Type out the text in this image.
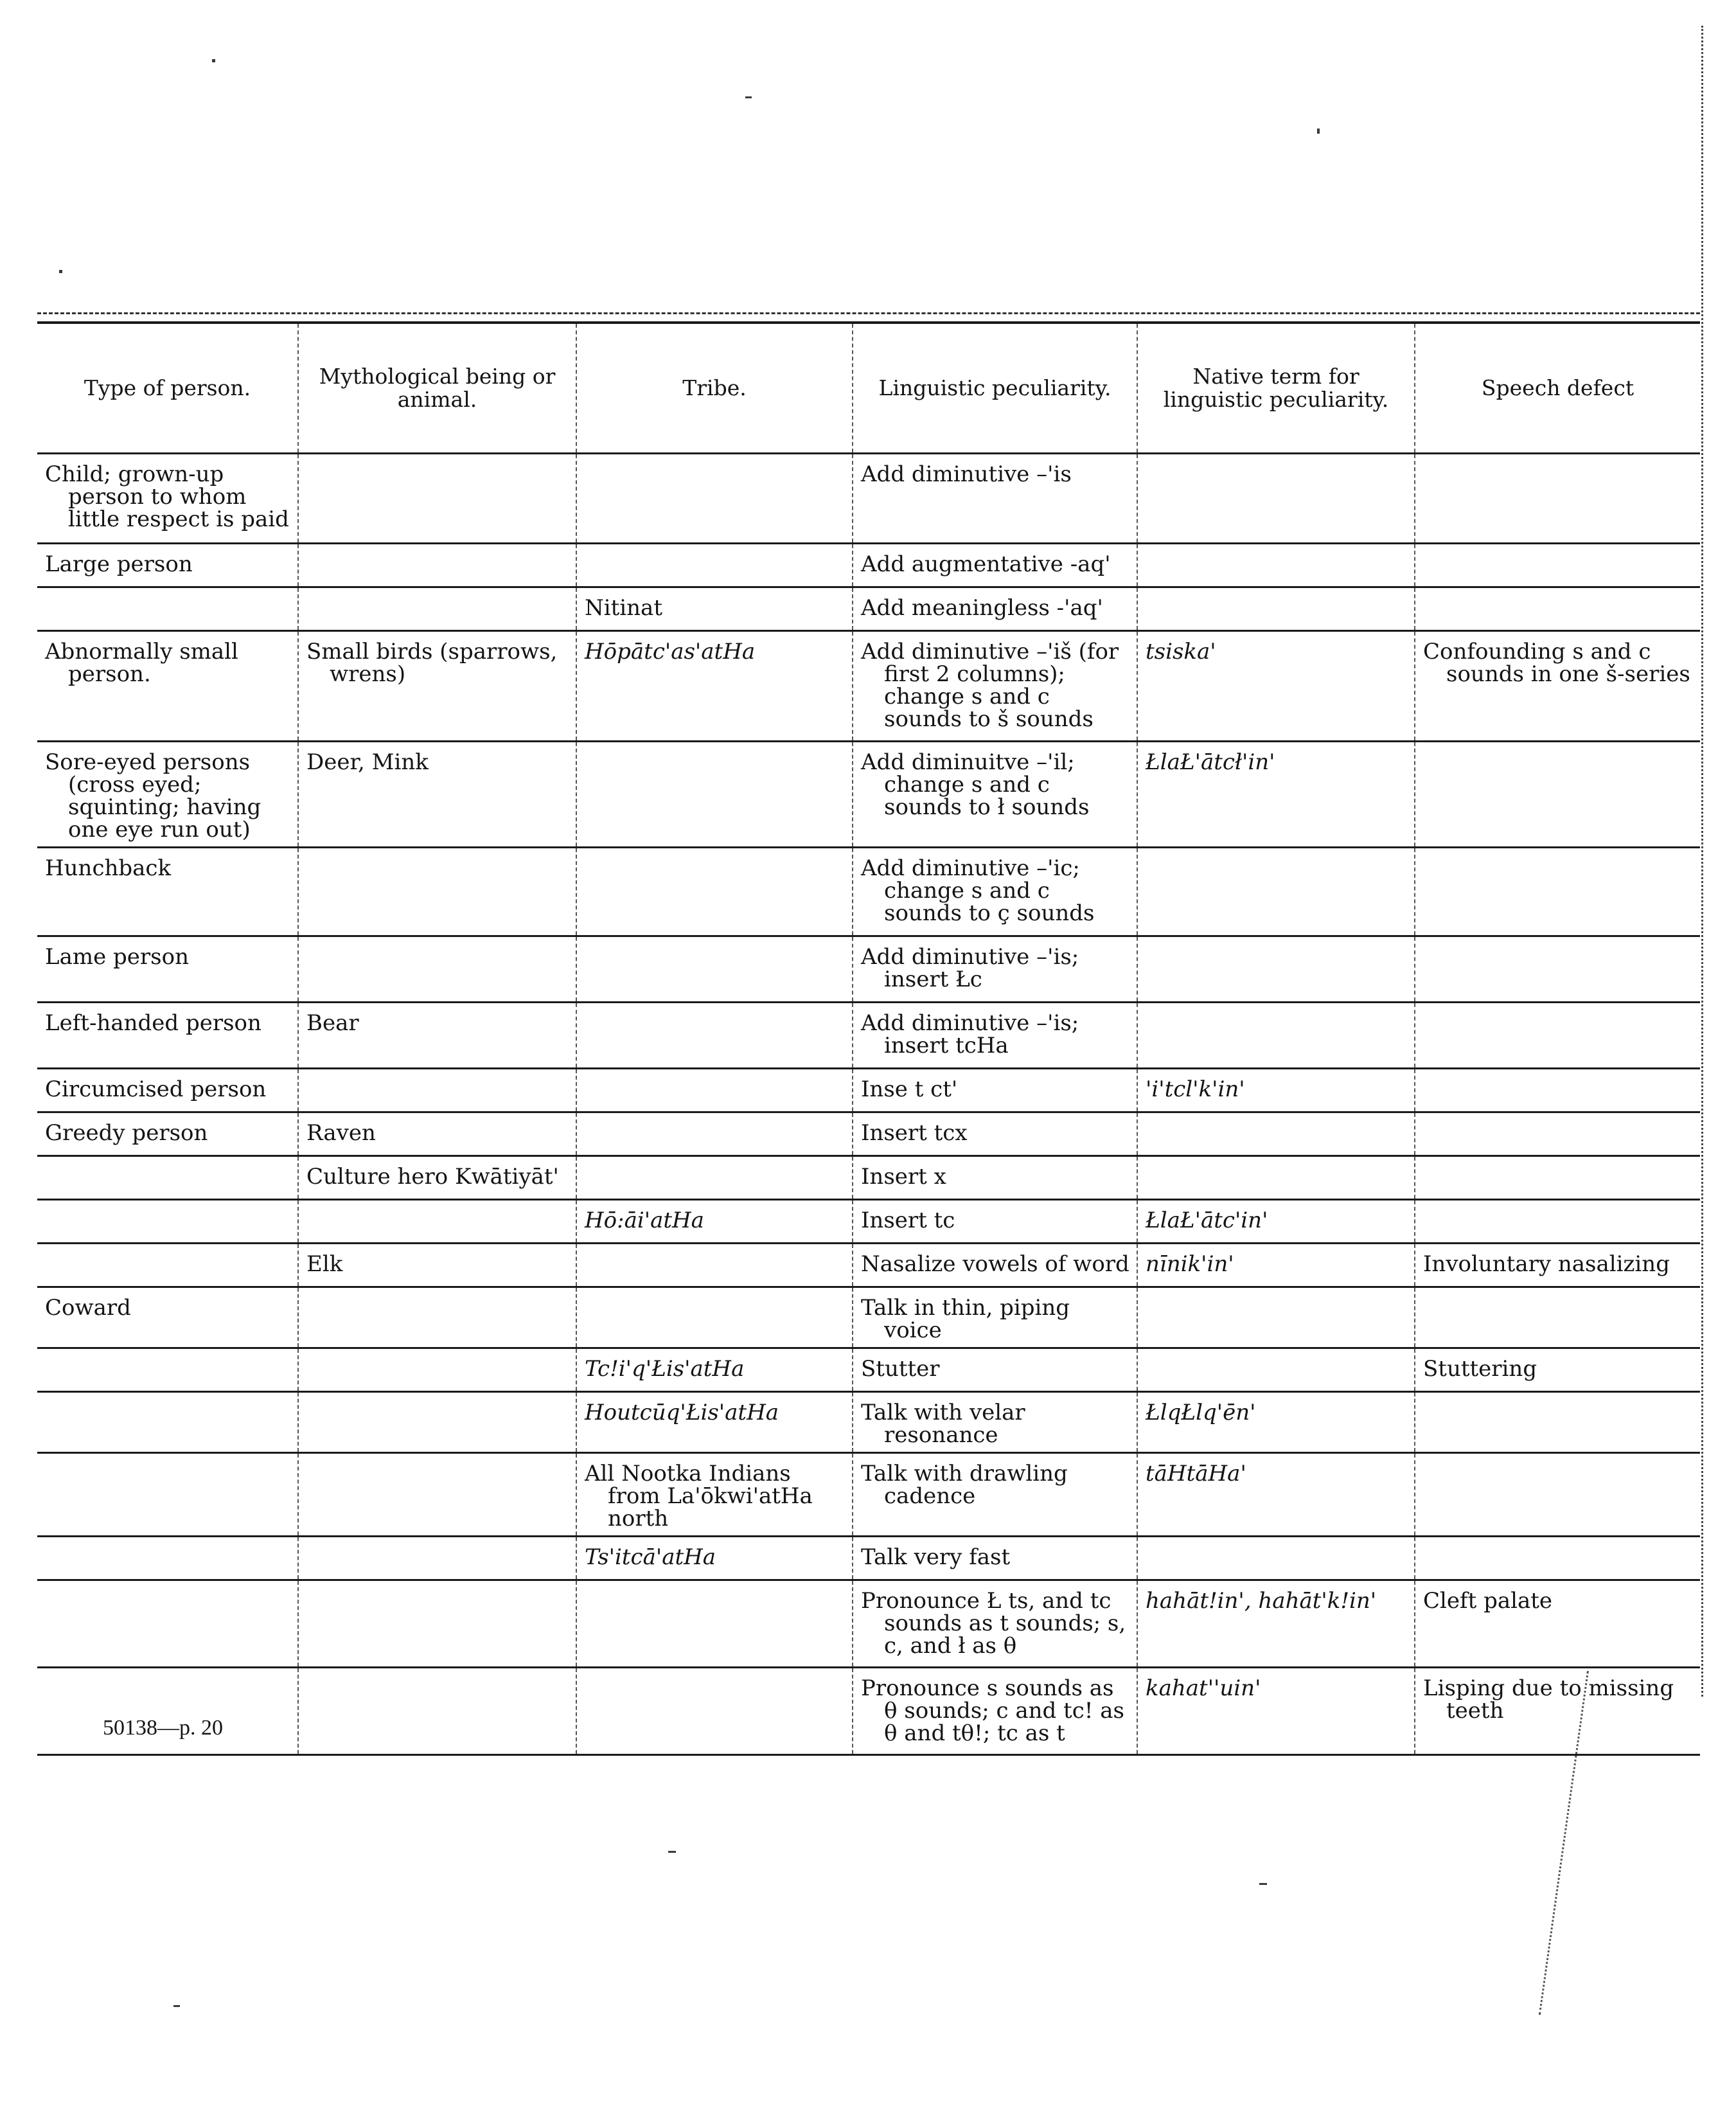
Type of person.	Mythological being or animal.	Tribe.	Linguistic peculiarity.	Native term for linguistic peculiarity.	Speech defect
Child; grown-up person to whom little respect is paid			Add diminutive –'is		
Large person			Add augmentative -aq'		
		Nitinat	Add meaningless -'aq'		
Abnormally small person.	Small birds (sparrows, wrens)	Hōpātc'as'atHa	Add diminutive –'iš (for first 2 columns); change s and c sounds to š sounds	tsiska'	Confounding s and c sounds in one š-series
Sore-eyed persons (cross eyed; squinting; having one eye run out)	Deer, Mink		Add diminuitve –'il; change s and c sounds to ł sounds	ŁlaŁ'ātcł'in'	
Hunchback			Add diminutive –'ic; change s and c sounds to ç sounds		
Lame person			Add diminutive –'is; insert Łc		
Left-handed person	Bear		Add diminutive –'is; insert tcHa		
Circumcised person			Inse t ct'	'i'tcl'k'in'	
Greedy person	Raven		Insert tcx		
	Culture hero Kwātiyāt'		Insert x		
		Hō:āi'atHa	Insert tc	ŁlaŁ'ātc'in'	
	Elk		Nasalize vowels of word	nīnik'in'	Involuntary nasalizing
Coward			Talk in thin, piping voice		
		Tc!i'q'Łis'atHa	Stutter		Stuttering
		Houtcūq'Łis'atHa	Talk with velar resonance	ŁlqŁlq'ēn'	
		All Nootka Indians from La'ōkwi'atHa north	Talk with drawling cadence	tāHtāHa'	
		Ts'itcā'atHa	Talk very fast		
			Pronounce Ł ts, and tc sounds as t sounds; s, c, and ł as θ	hahāt!in', hahāt'k!in'	Cleft palate
			Pronounce s sounds as θ sounds; c and tc! as θ and tθ!; tc as t	kahat''uin'	Lisping due to missing teeth
50138—p. 20
